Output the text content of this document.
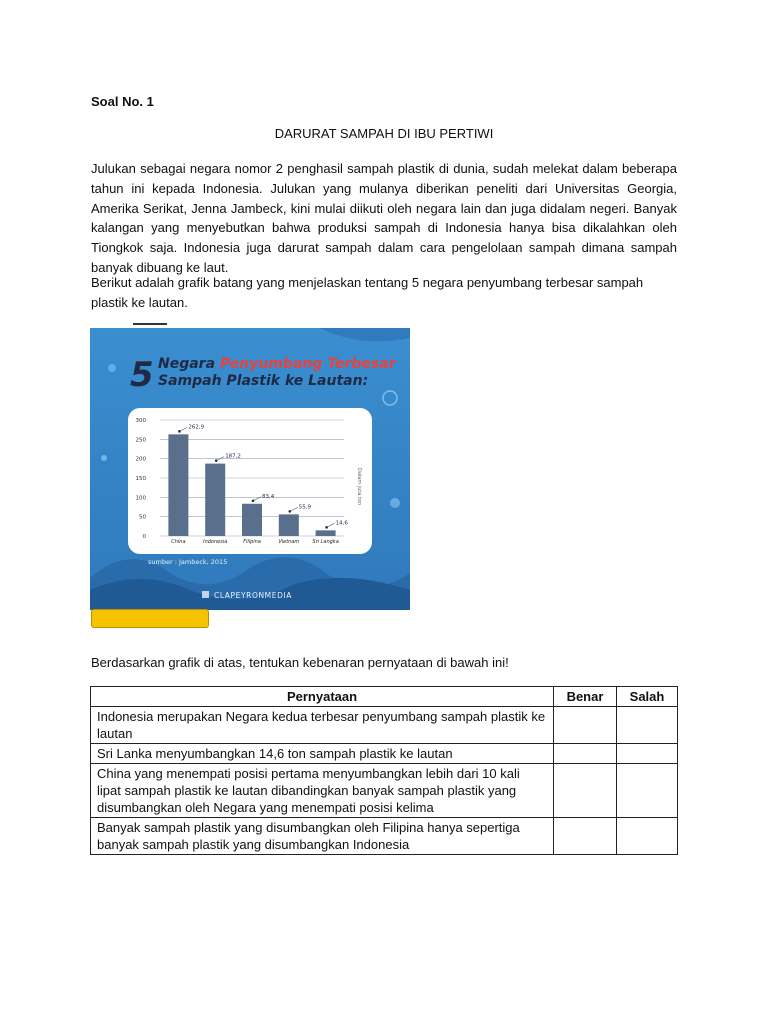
Soal No. 1
DARURAT SAMPAH DI IBU PERTIWI
Julukan sebagai negara nomor 2 penghasil sampah plastik di dunia, sudah melekat dalam beberapa tahun ini kepada Indonesia. Julukan yang mulanya diberikan peneliti dari Universitas Georgia, Amerika Serikat, Jenna Jambeck, kini mulai diikuti oleh negara lain dan juga didalam negeri. Banyak kalangan yang menyebutkan bahwa produksi sampah di Indonesia hanya bisa dikalahkan oleh Tiongkok saja. Indonesia juga darurat sampah dalam cara pengelolaan sampah dimana sampah banyak dibuang ke laut.
Berikut adalah grafik batang yang menjelaskan tentang 5 negara penyumbang terbesar sampah plastik ke lautan.
5 Negara Penyumbang Terbesar
Sampah Plastik ke Lautan:
0
50
100
150
200
250
300
China
262,9
Indonesia
187,2
Filipina
83,4
Vietnam
55,9
Sri Langka
14,6
Dalam juta ton
sumber : Jambeck, 2015
CLAPEYRONMEDIA
Berdasarkan grafik di atas, tentukan kebenaran pernyataan di bawah ini!
Pernyataan	Benar	Salah
Indonesia merupakan Negara kedua terbesar penyumbang sampah plastik ke lautan		
Sri Lanka menyumbangkan 14,6 ton sampah plastik ke lautan		
China yang menempati posisi pertama menyumbangkan lebih dari 10 kali lipat sampah plastik ke lautan dibandingkan banyak sampah plastik yang disumbangkan oleh Negara yang menempati posisi kelima		
Banyak sampah plastik yang disumbangkan oleh Filipina hanya sepertiga banyak sampah plastik yang disumbangkan Indonesia		
